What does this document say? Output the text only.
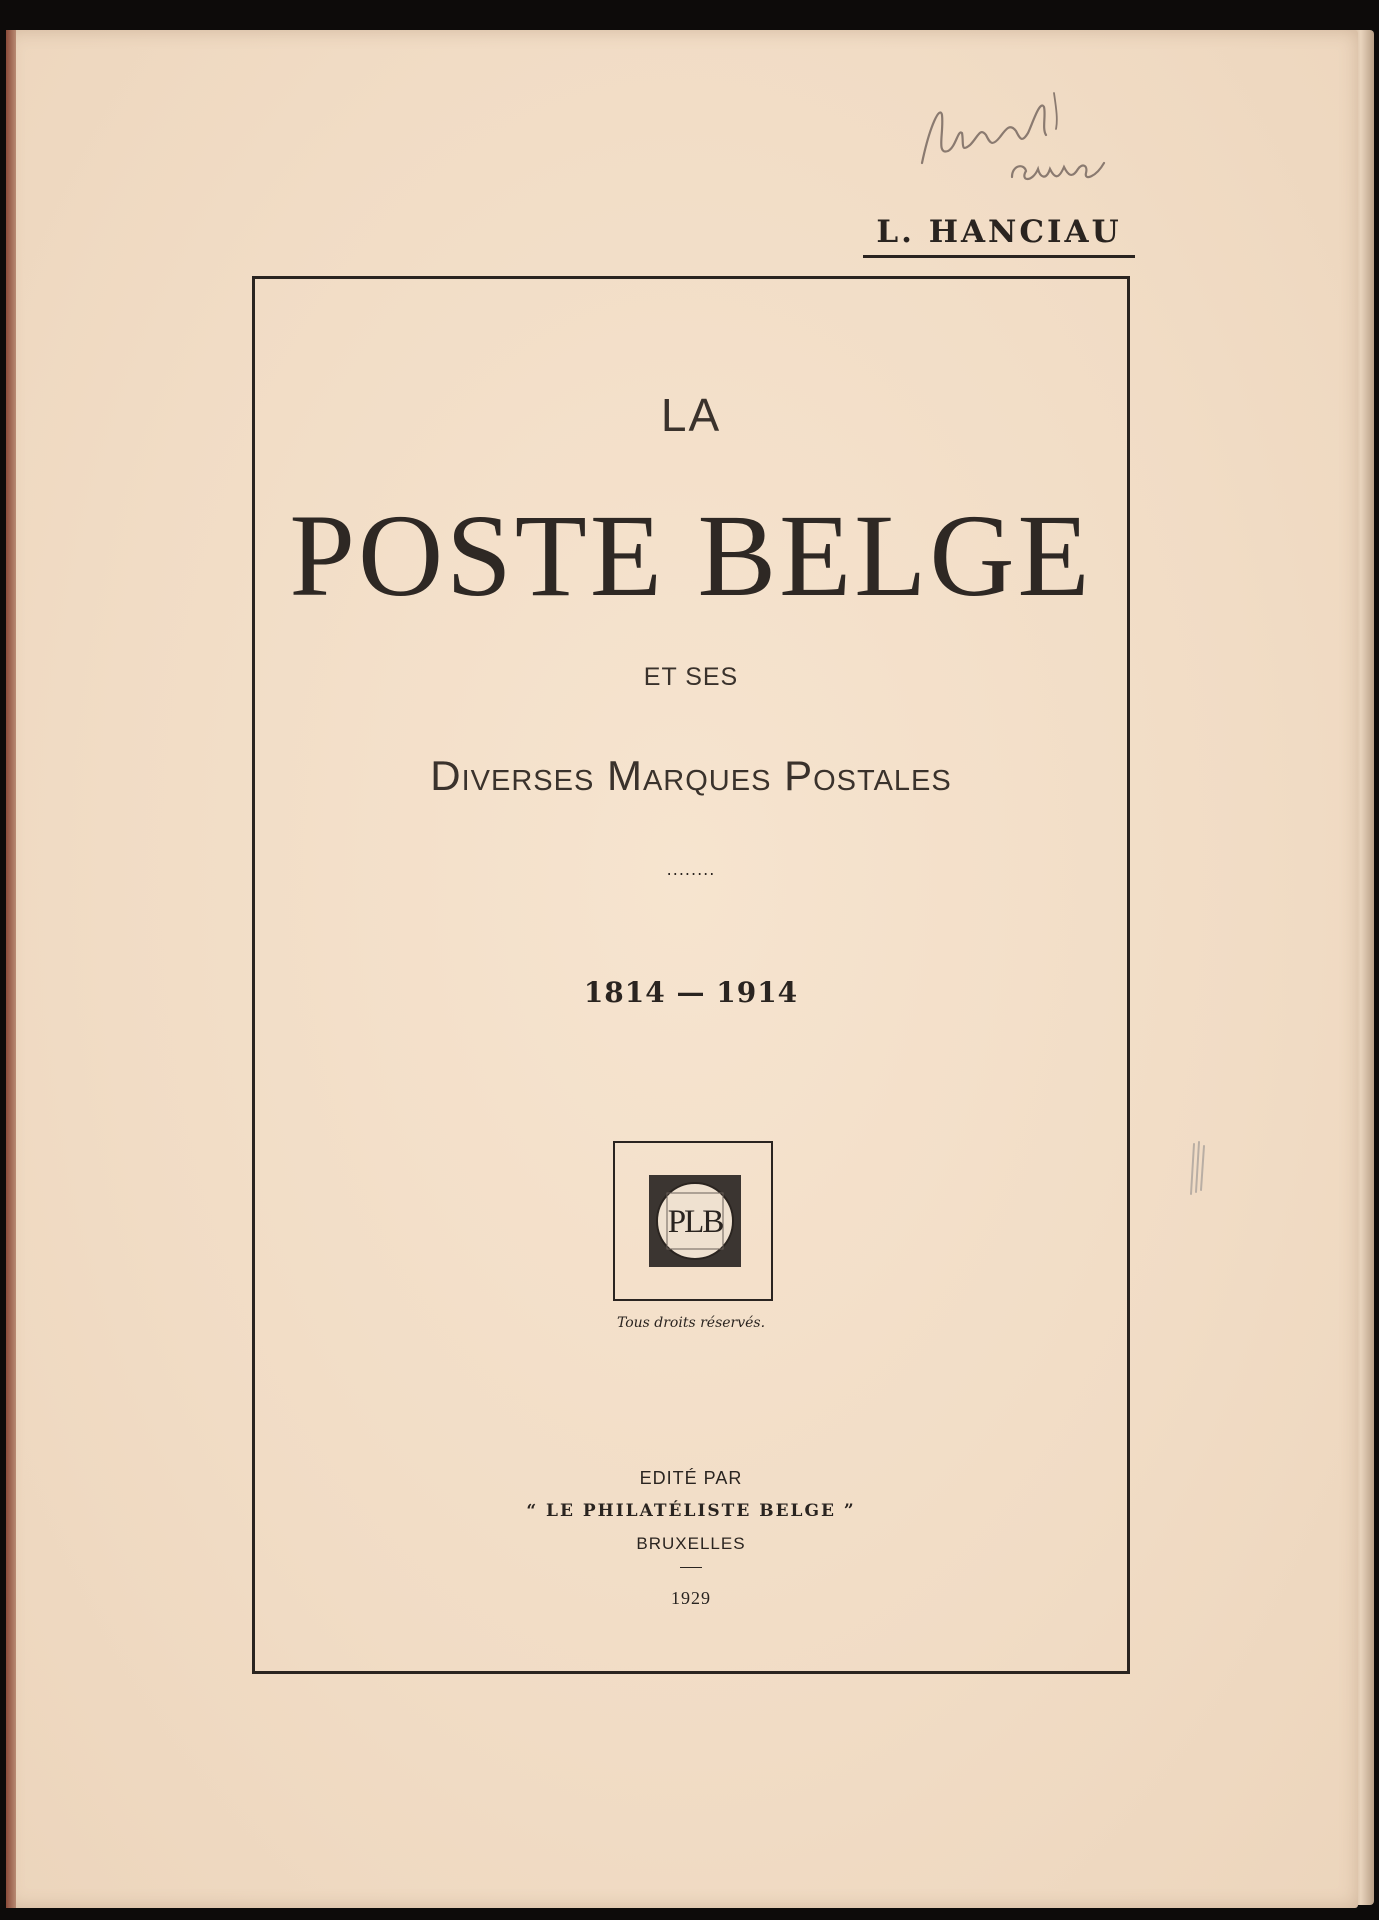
L. HANCIAU
LA
POSTE BELGE
ET SES
Diverses Marques Postales
........
1814 — 1914
PLB
Tous droits réservés.
EDITÉ PAR
“ LE PHILATÉLISTE BELGE ”
BRUXELLES
1929
